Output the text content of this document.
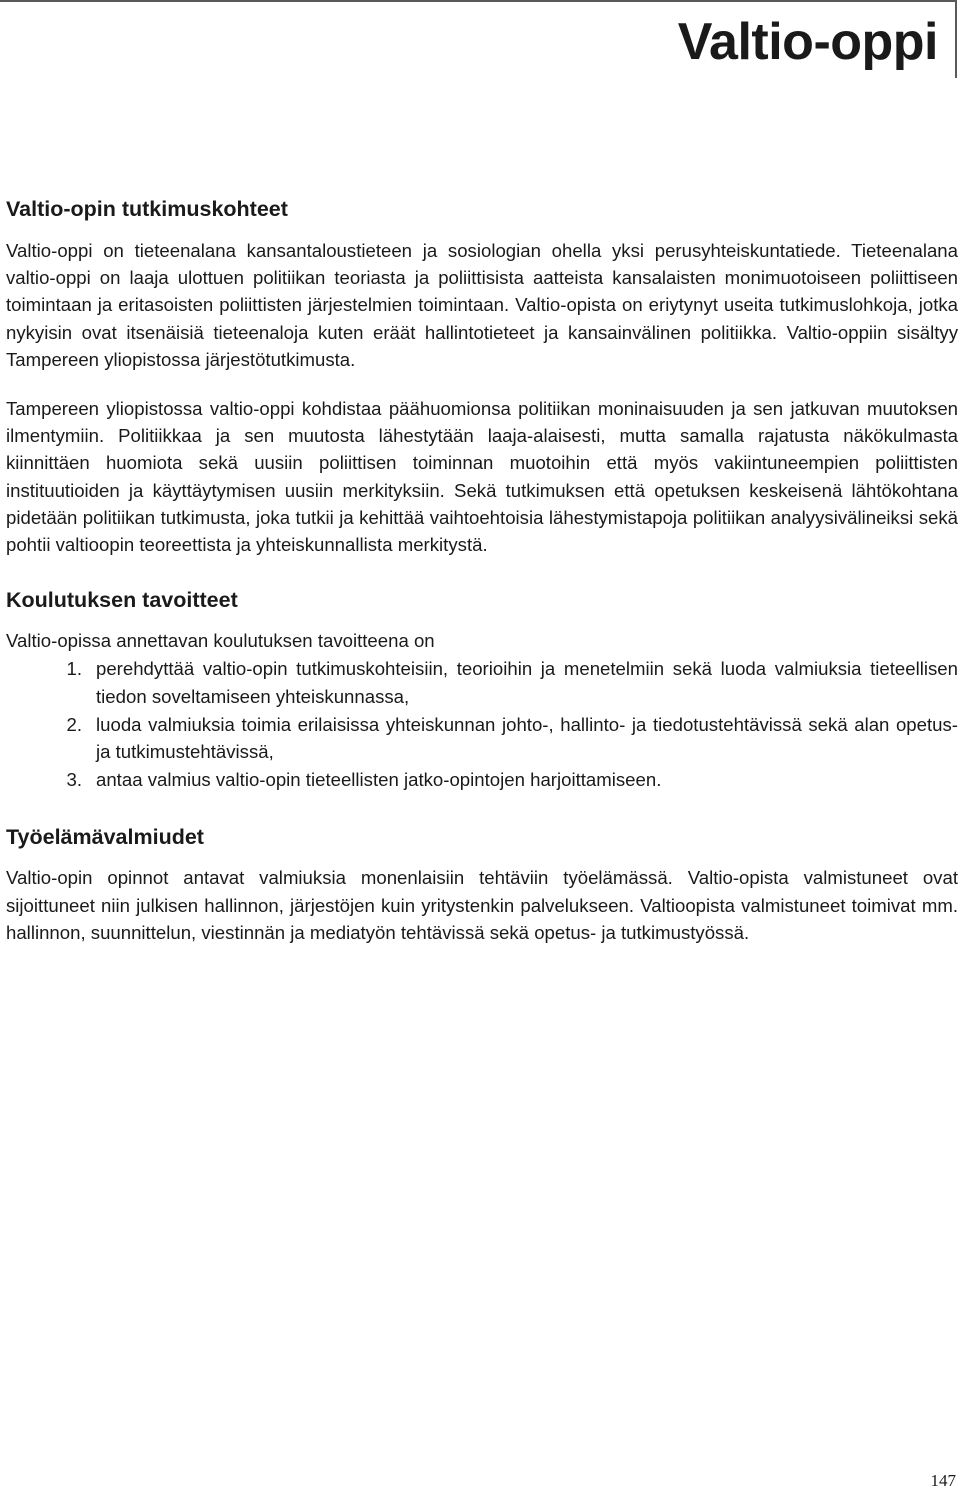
Valtio-oppi
Valtio-opin tutkimuskohteet

Valtio-oppi on tieteenalana kansantaloustieteen ja sosiologian ohella yksi perusyhteiskuntatiede. Tieteenalana valtio-oppi on laaja ulottuen politiikan teoriasta ja poliittisista aatteista kansalaisten monimuotoiseen poliittiseen toimintaan ja eritasoisten poliittisten järjestelmien toimintaan. Valtio-opista on eriytynyt useita tutkimuslohkoja, jotka nykyisin ovat itsenäisiä tieteenaloja kuten eräät hallintotieteet ja kansainvälinen politiikka. Valtio-oppiin sisältyy Tampereen yliopistossa järjestötutkimusta.

Tampereen yliopistossa valtio-oppi kohdistaa päähuomionsa politiikan moninaisuuden ja sen jatkuvan muutoksen ilmentymiin. Politiikkaa ja sen muutosta lähestytään laaja-alaisesti, mutta samalla rajatusta näkökulmasta kiinnittäen huomiota sekä uusiin poliittisen toiminnan muotoihin että myös vakiintuneempien poliittisten instituutioiden ja käyttäytymisen uusiin merkityksiin. Sekä tutkimuksen että opetuksen keskeisenä lähtökohtana pidetään politiikan tutkimusta, joka tutkii ja kehittää vaihtoehtoisia lähestymistapoja politiikan analyysivälineiksi sekä pohtii valtioopin teoreettista ja yhteiskunnallista merkitystä.

Koulutuksen tavoitteet

Valtio-opissa annettavan koulutuksen tavoitteena on

1. perehdyttää valtio-opin tutkimuskohteisiin, teorioihin ja menetelmiin sekä luoda valmiuksia tieteellisen tiedon soveltamiseen yhteiskunnassa,
2. luoda valmiuksia toimia erilaisissa yhteiskunnan johto-, hallinto- ja tiedotustehtävissä sekä alan opetus- ja tutkimustehtävissä,
3. antaa valmius valtio-opin tieteellisten jatko-opintojen harjoittamiseen.
Työelämävalmiudet

Valtio-opin opinnot antavat valmiuksia monenlaisiin tehtäviin työelämässä. Valtio-opista valmistuneet ovat sijoittuneet niin julkisen hallinnon, järjestöjen kuin yritystenkin palvelukseen. Valtioopista valmistuneet toimivat mm. hallinnon, suunnittelun, viestinnän ja mediatyön tehtävissä sekä opetus- ja tutkimustyössä.

147
